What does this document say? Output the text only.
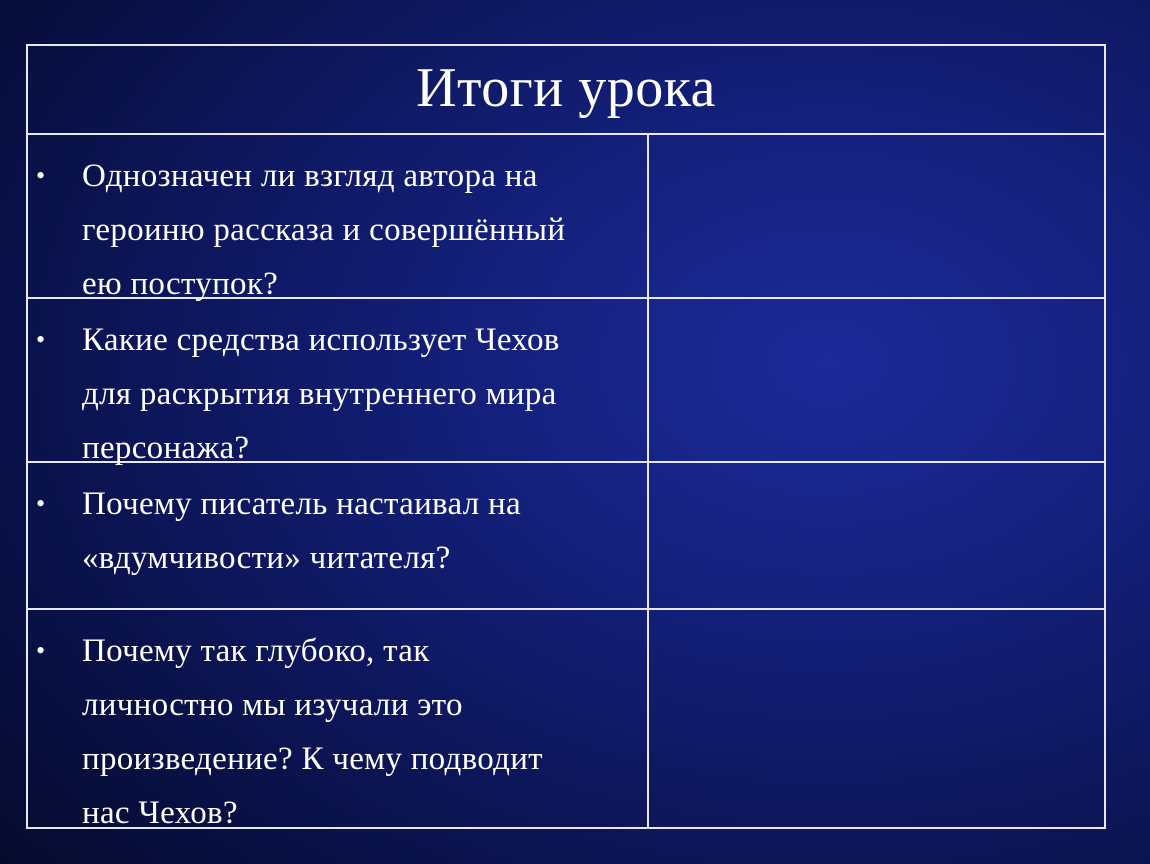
Итоги урока
• Однозначен ли взгляд автора на
героиню рассказа и совершённый
ею поступок?
• Какие средства использует Чехов
для раскрытия внутреннего мира
персонажа?
• Почему писатель настаивал на
«вдумчивости» читателя?
• Почему так глубоко, так
личностно мы изучали это
произведение? К чему подводит
нас Чехов?
